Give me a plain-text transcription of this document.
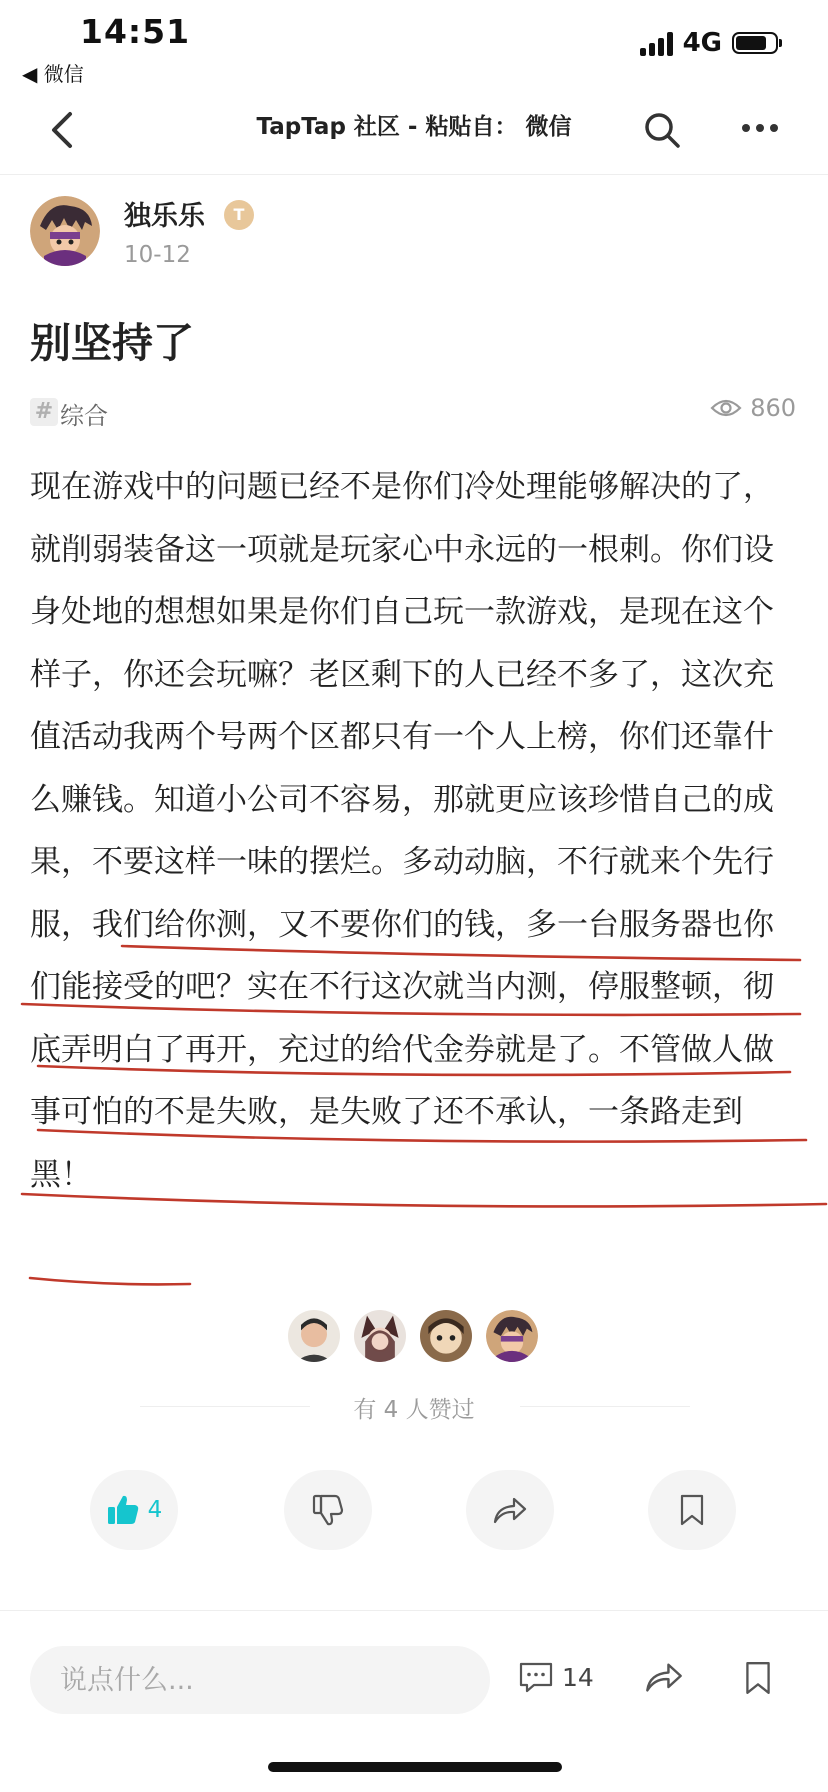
14:51
◀ 微信
4G
TapTap 社区 - 粘贴自： 微信
独乐乐	T
10-12
别坚持了
# 综合	860

现在游戏中的问题已经不是你们冷处理能够解决的了，就削弱装备这一项就是玩家心中永远的一根刺。你们设身处地的想想如果是你们自己玩一款游戏，是现在这个样子，你还会玩嘛？老区剩下的人已经不多了，这次充值活动我两个号两个区都只有一个人上榜，你们还靠什么赚钱。知道小公司不容易，那就更应该珍惜自己的成果，不要这样一味的摆烂。多动动脑，不行就来个先行服，我们给你测，又不要你们的钱，多一台服务器也你们能接受的吧？实在不行这次就当内测，停服整顿，彻底弄明白了再开，充过的给代金券就是了。不管做人做事可怕的不是失败，是失败了还不承认，一条路走到黑！

有 4 人赞过
4
说点什么...
14
